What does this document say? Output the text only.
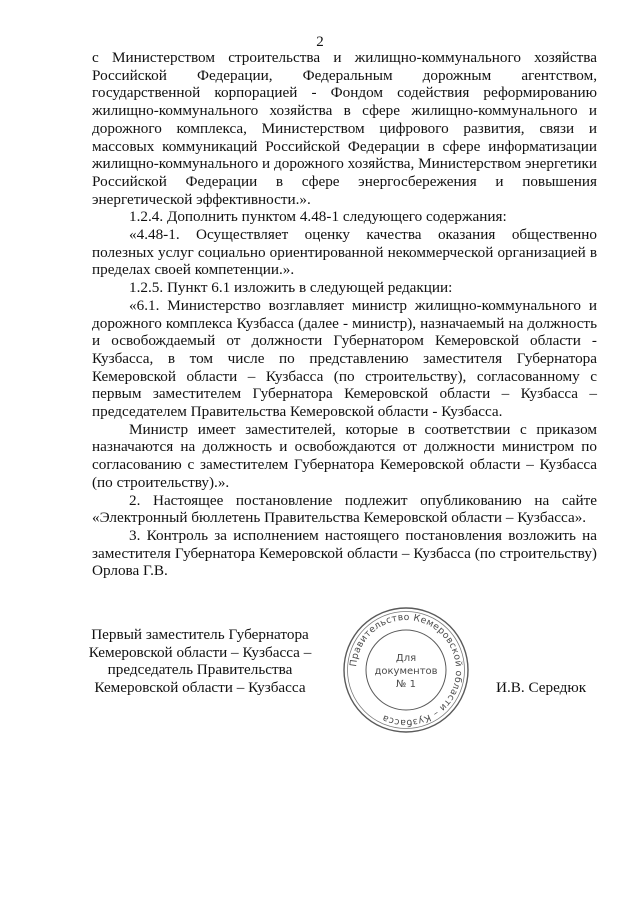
2

с Министерством строительства и жилищно-коммунального хозяйства Российской Федерации, Федеральным дорожным агентством, государственной корпорацией - Фондом содействия реформированию жилищно-коммунального хозяйства в сфере жилищно-коммунального и дорожного комплекса, Министерством цифрового развития, связи и массовых коммуникаций Российской Федерации в сфере информатизации жилищно-коммунального и дорожного хозяйства, Министерством энергетики Российской Федерации в сфере энергосбережения и повышения энергетической эффективности.».

1.2.4. Дополнить пунктом 4.48-1 следующего содержания:

«4.48-1. Осуществляет оценку качества оказания общественно полезных услуг социально ориентированной некоммерческой организацией в пределах своей компетенции.».

1.2.5. Пункт 6.1 изложить в следующей редакции:

«6.1. Министерство возглавляет министр жилищно-коммунального и дорожного комплекса Кузбасса (далее - министр), назначаемый на должность и освобождаемый от должности Губернатором Кемеровской области - Кузбасса, в том числе по представлению заместителя Губернатора Кемеровской области – Кузбасса (по строительству), согласованному с первым заместителем Губернатора Кемеровской области – Кузбасса – председателем Правительства Кемеровской области - Кузбасса.

Министр имеет заместителей, которые в соответствии с приказом назначаются на должность и освобождаются от должности министром по согласованию с заместителем Губернатора Кемеровской области – Кузбасса (по строительству).».

2. Настоящее постановление подлежит опубликованию на сайте «Электронный бюллетень Правительства Кемеровской области – Кузбасса».

3. Контроль за исполнением настоящего постановления возложить на заместителя Губернатора Кемеровской области – Кузбасса (по строительству) Орлова Г.В.

Первый заместитель Губернатора
Кемеровской области – Кузбасса –
председатель Правительства
Кемеровской области – Кузбасса
Правительство Кемеровской области – Кузбасса
Для
документов
№ 1	И.В. Середюк
